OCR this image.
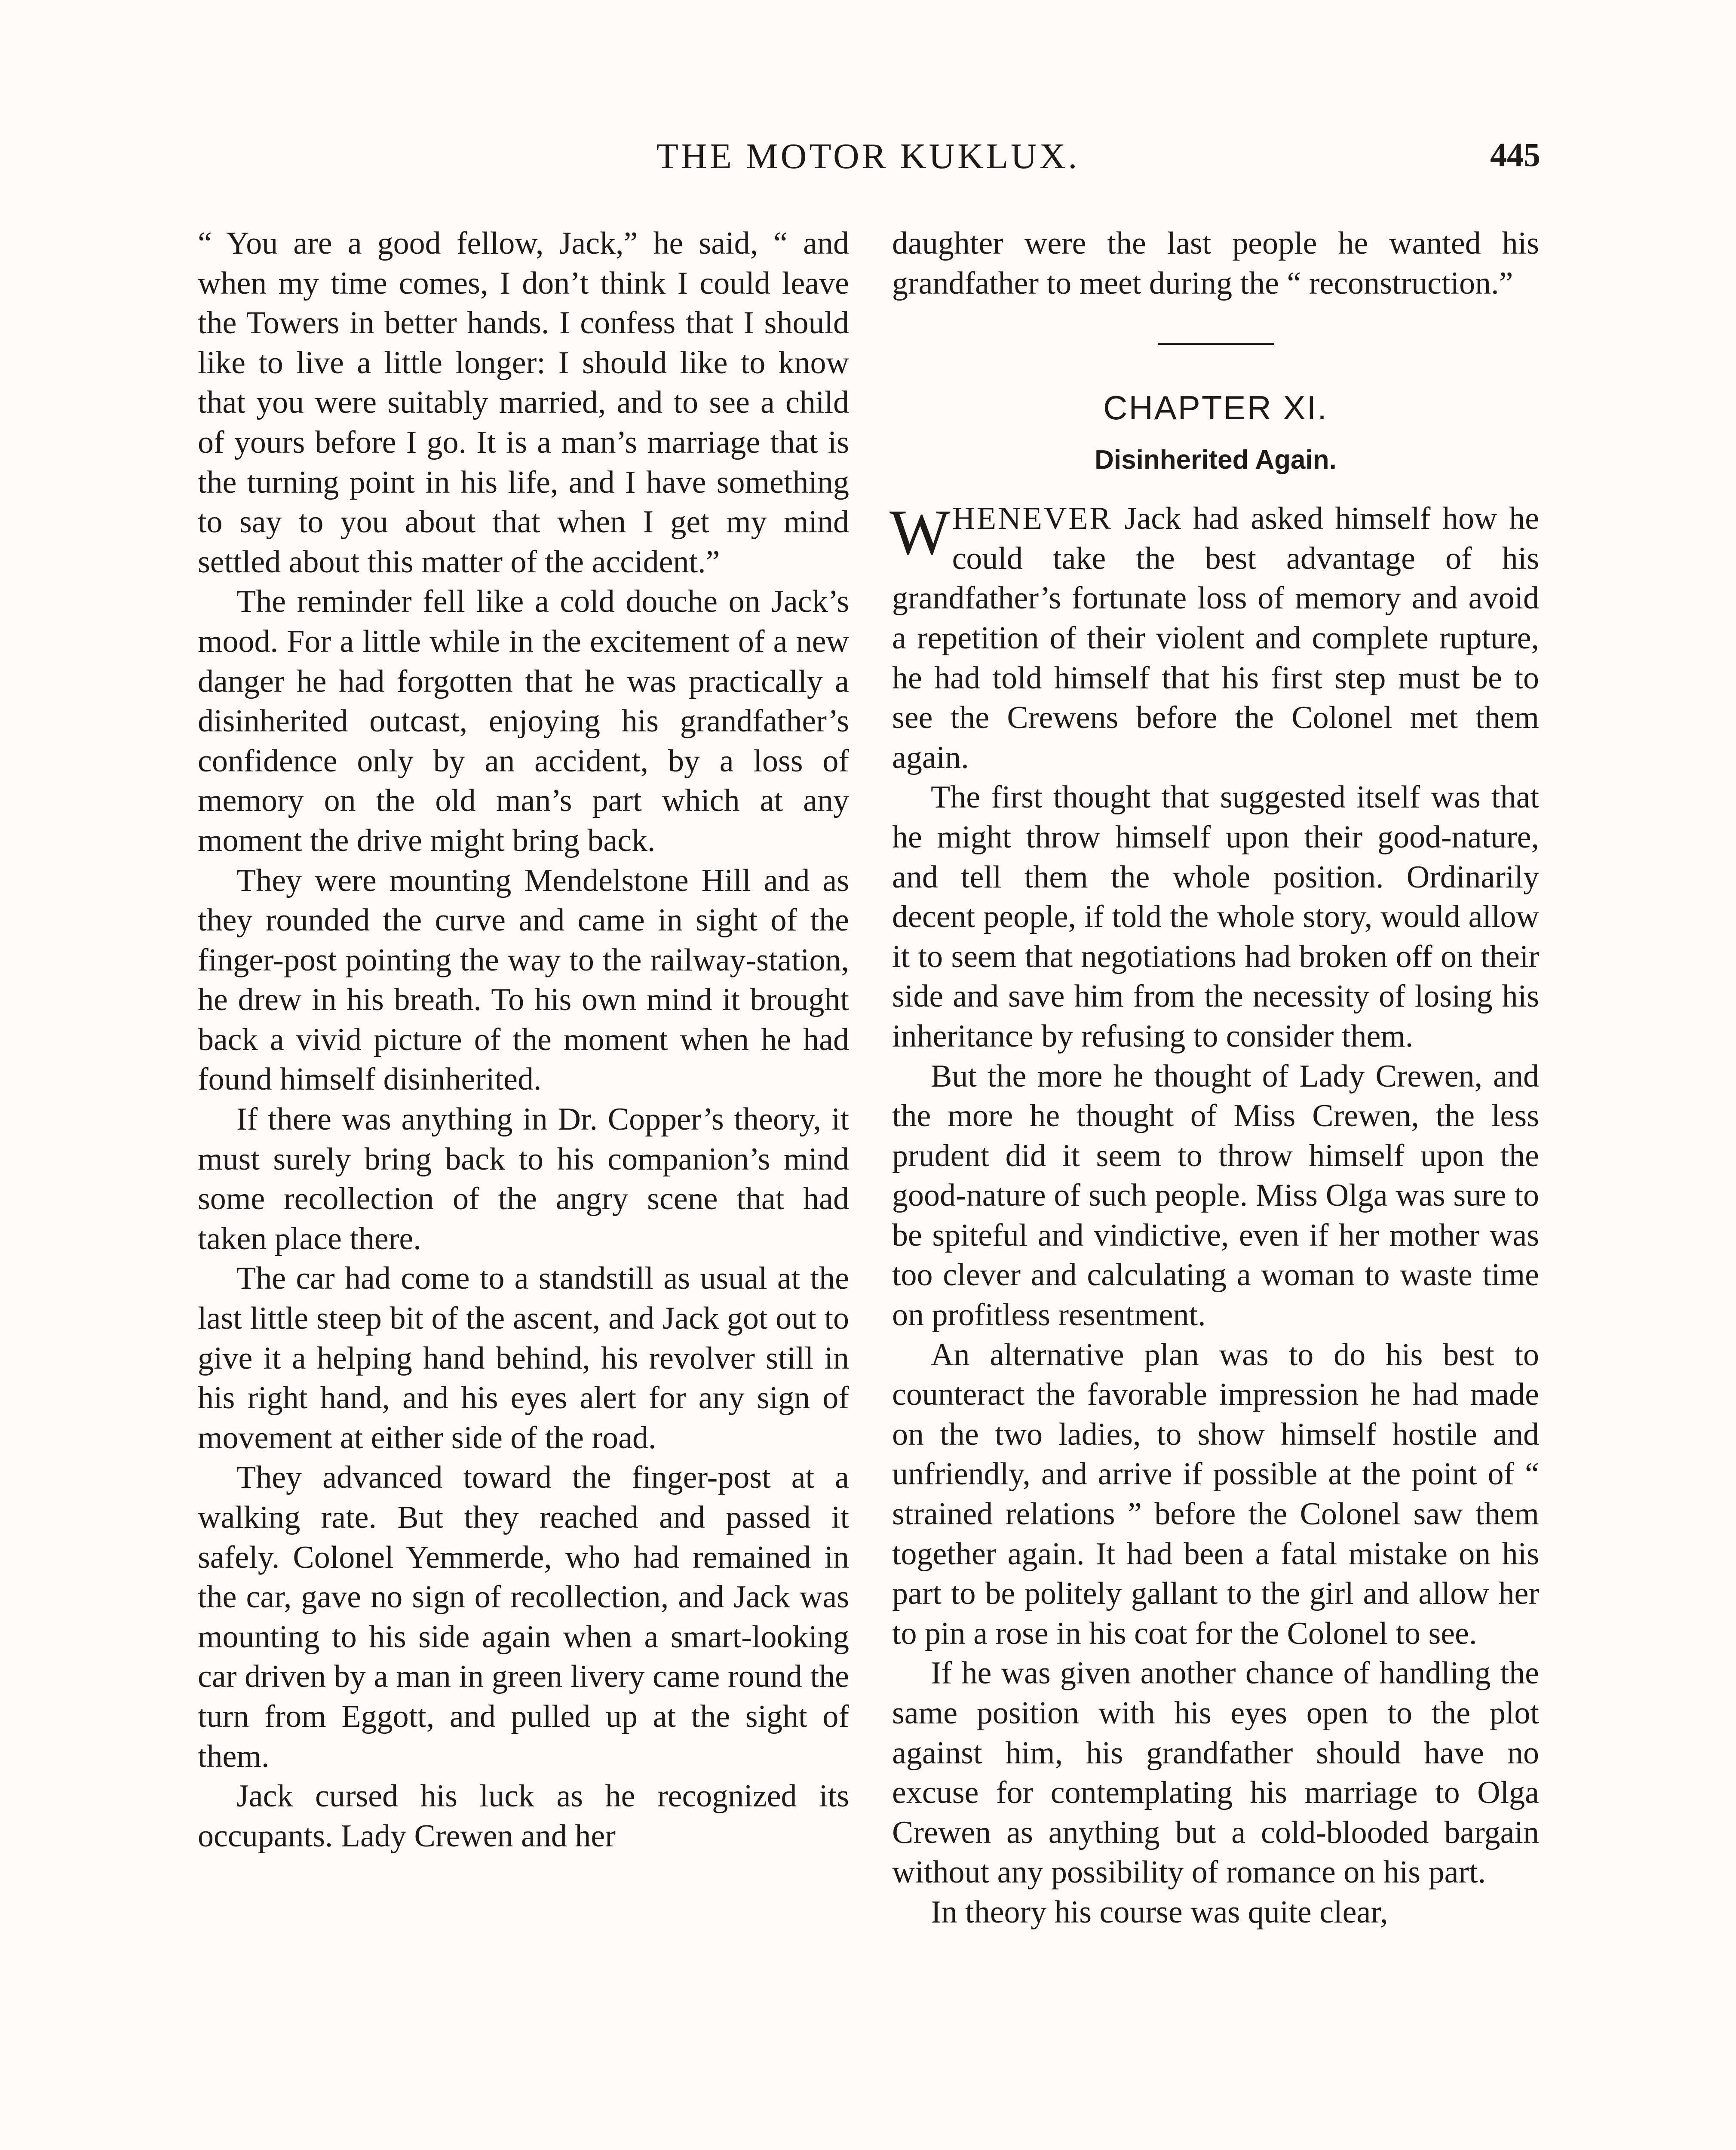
THE MOTOR KUKLUX.	445

“ You are a good fellow, Jack,” he said, “ and when my time comes, I don’t think I could leave the Towers in better hands. I confess that I should like to live a little longer: I should like to know that you were suitably married, and to see a child of yours before I go. It is a man’s marriage that is the turning point in his life, and I have something to say to you about that when I get my mind settled about this matter of the accident.”

The reminder fell like a cold douche on Jack’s mood. For a little while in the excitement of a new danger he had forgotten that he was practically a disinherited outcast, enjoying his grandfather’s confidence only by an accident, by a loss of memory on the old man’s part which at any moment the drive might bring back.

They were mounting Mendelstone Hill and as they rounded the curve and came in sight of the finger-post pointing the way to the railway-station, he drew in his breath. To his own mind it brought back a vivid picture of the moment when he had found himself disinherited.

If there was anything in Dr. Copper’s theory, it must surely bring back to his companion’s mind some recollection of the angry scene that had taken place there.

The car had come to a standstill as usual at the last little steep bit of the ascent, and Jack got out to give it a helping hand behind, his revolver still in his right hand, and his eyes alert for any sign of movement at either side of the road.

They advanced toward the finger-post at a walking rate. But they reached and passed it safely. Colonel Yemmerde, who had remained in the car, gave no sign of recollection, and Jack was mounting to his side again when a smart-looking car driven by a man in green livery came round the turn from Eggott, and pulled up at the sight of them.

Jack cursed his luck as he recognized its occupants. Lady Crewen and her

daughter were the last people he wanted his grandfather to meet during the “ reconstruction.”

CHAPTER XI.
Disinherited Again.

WHENEVER Jack had asked himself how he could take the best advantage of his grandfather’s fortunate loss of memory and avoid a repetition of their violent and complete rupture, he had told himself that his first step must be to see the Crewens before the Colonel met them again.

The first thought that suggested itself was that he might throw himself upon their good-nature, and tell them the whole position. Ordinarily decent people, if told the whole story, would allow it to seem that negotiations had broken off on their side and save him from the necessity of losing his inheritance by refusing to consider them.

But the more he thought of Lady Crewen, and the more he thought of Miss Crewen, the less prudent did it seem to throw himself upon the good-nature of such people. Miss Olga was sure to be spiteful and vindictive, even if her mother was too clever and calculating a woman to waste time on profitless resentment.

An alternative plan was to do his best to counteract the favorable impression he had made on the two ladies, to show himself hostile and unfriendly, and arrive if possible at the point of “ strained relations ” before the Colonel saw them together again. It had been a fatal mistake on his part to be politely gallant to the girl and allow her to pin a rose in his coat for the Colonel to see.

If he was given another chance of handling the same position with his eyes open to the plot against him, his grandfather should have no excuse for contemplating his marriage to Olga Crewen as anything but a cold-blooded bargain without any possibility of romance on his part.

In theory his course was quite clear,
